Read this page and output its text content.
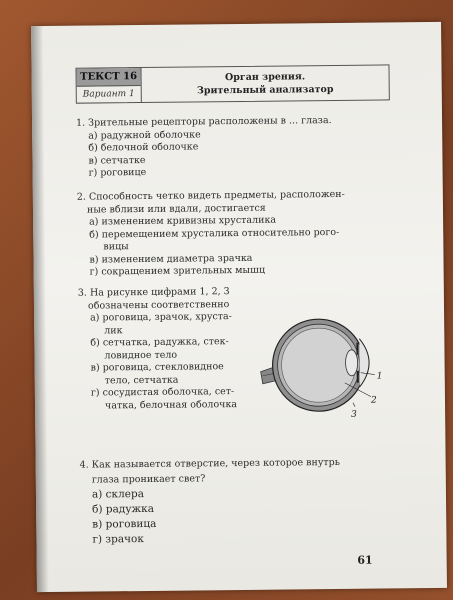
ТЕКСТ 16
Вариант 1
Орган зрения.
Зрительный анализатор
1. Зрительные рецепторы расположены в ... глаза.
а) радужной оболочке
б) белочной оболочке
в) сетчатке
г) роговице
2. Способность четко видеть предметы, расположен-
ные вблизи или вдали, достигается
а) изменением кривизны хрусталика
б) перемещением хрусталика относительно рого-
вицы
в) изменением диаметра зрачка
г) сокращением зрительных мышц
3. На рисунке цифрами 1, 2, 3
обозначены соответственно
а) роговица, зрачок, хруста-
лик
б) сетчатка, радужка, стек-
ловидное тело
в) роговица, стекловидное
тело, сетчатка
г) сосудистая оболочка, сет-
чатка, белочная оболочка
1
2
3
4. Как называется отверстие, через которое внутрь
глаза проникает свет?
а) склера
б) радужка
в) роговица
г) зрачок
61
